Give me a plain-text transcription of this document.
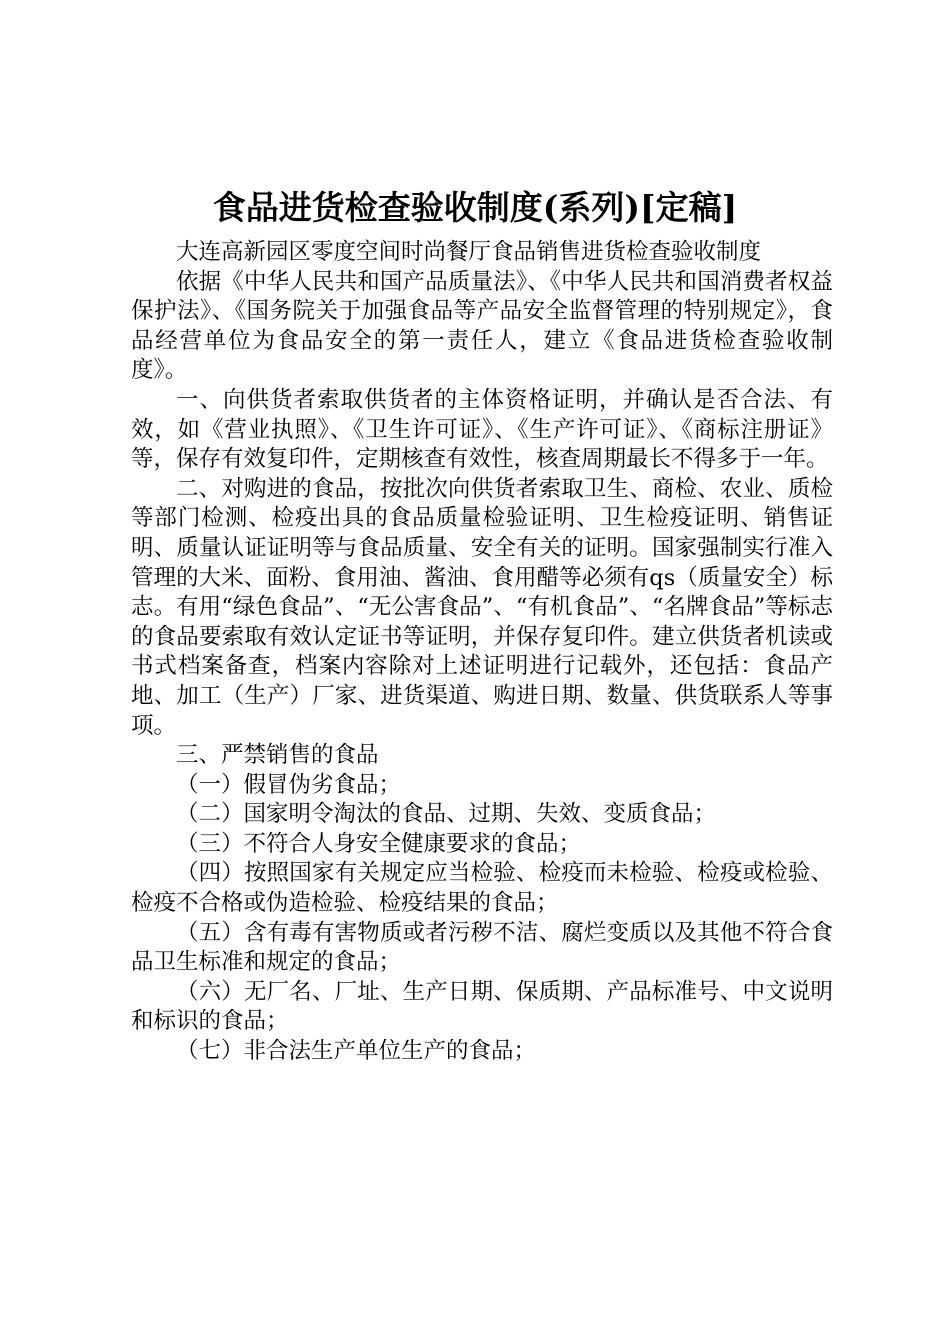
食品进货检查验收制度(系列)[定稿]

大连高新园区零度空间时尚餐厅食品销售进货检查验收制度

依据《中华人民共和国产品质量法》、《中华人民共和国消费者权益保护法》、《国务院关于加强食品等产品安全监督管理的特别规定》，食品经营单位为食品安全的第一责任人，建立《食品进货检查验收制度》。

一、向供货者索取供货者的主体资格证明，并确认是否合法、有效，如《营业执照》、《卫生许可证》、《生产许可证》、《商标注册证》等，保存有效复印件，定期核查有效性，核查周期最长不得多于一年。

二、对购进的食品，按批次向供货者索取卫生、商检、农业、质检等部门检测、检疫出具的食品质量检验证明、卫生检疫证明、销售证明、质量认证证明等与食品质量、安全有关的证明。国家强制实行准入管理的大米、面粉、食用油、酱油、食用醋等必须有qs（质量安全）标志。有用“绿色食品”、“无公害食品”、“有机食品”、“名牌食品”等标志的食品要索取有效认定证书等证明，并保存复印件。建立供货者机读或书式档案备查，档案内容除对上述证明进行记载外，还包括：食品产地、加工（生产）厂家、进货渠道、购进日期、数量、供货联系人等事项。

三、严禁销售的食品

（一）假冒伪劣食品；

（二）国家明令淘汰的食品、过期、失效、变质食品；

（三）不符合人身安全健康要求的食品；

（四）按照国家有关规定应当检验、检疫而未检验、检疫或检验、检疫不合格或伪造检验、检疫结果的食品；

（五）含有毒有害物质或者污秽不洁、腐烂变质以及其他不符合食品卫生标准和规定的食品；

（六）无厂名、厂址、生产日期、保质期、产品标准号、中文说明和标识的食品；

（七）非合法生产单位生产的食品；
